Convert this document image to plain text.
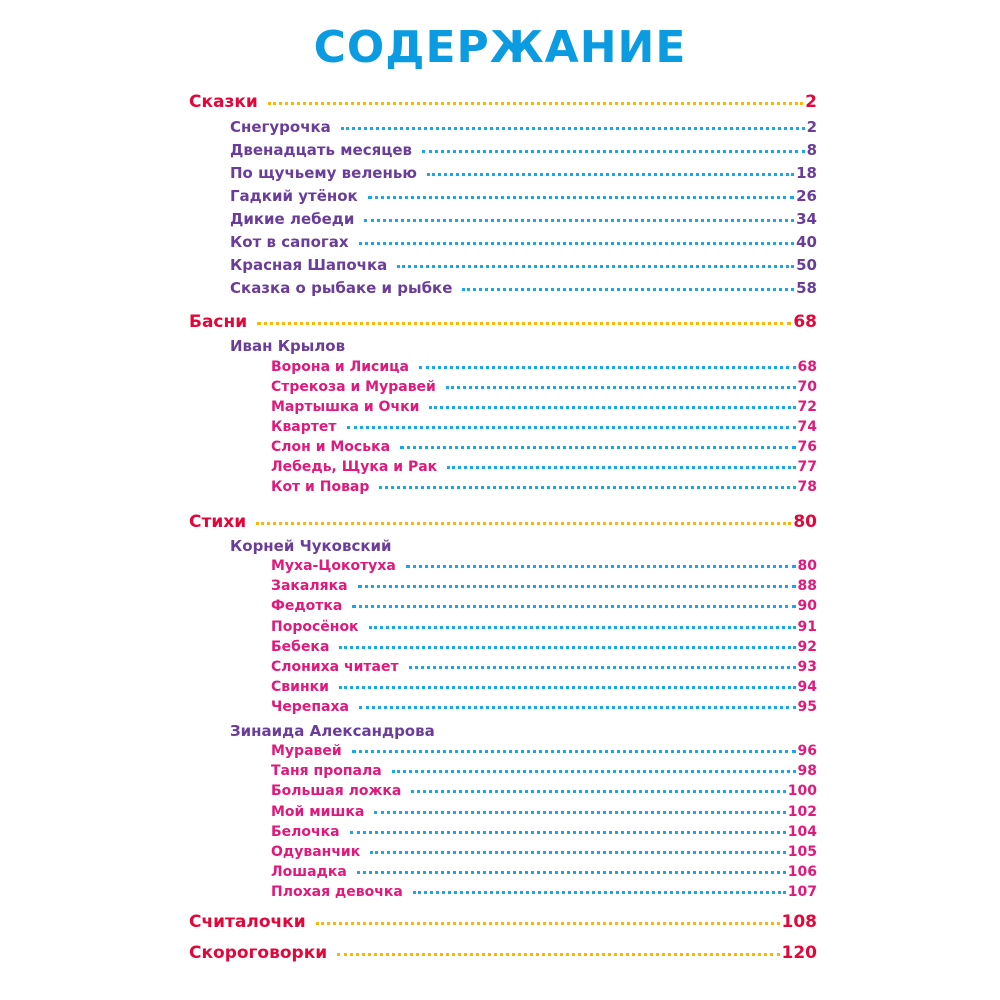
СОДЕРЖАНИЕ
Сказки	2
Снегурочка	2
Двенадцать месяцев	8
По щучьему веленью	18
Гадкий утёнок	26
Дикие лебеди	34
Кот в сапогах	40
Красная Шапочка	50
Сказка о рыбаке и рыбке	58
Басни	68
Иван Крылов
Ворона и Лисица	68
Стрекоза и Муравей	70
Мартышка и Очки	72
Квартет	74
Слон и Моська	76
Лебедь, Щука и Рак	77
Кот и Повар	78
Стихи	80
Корней Чуковский
Муха-Цокотуха	80
Закаляка	88
Федотка	90
Поросёнок	91
Бебека	92
Слониха читает	93
Свинки	94
Черепаха	95
Зинаида Александрова
Муравей	96
Таня пропала	98
Большая ложка	100
Мой мишка	102
Белочка	104
Одуванчик	105
Лошадка	106
Плохая девочка	107
Считалочки	108
Скороговорки	120
